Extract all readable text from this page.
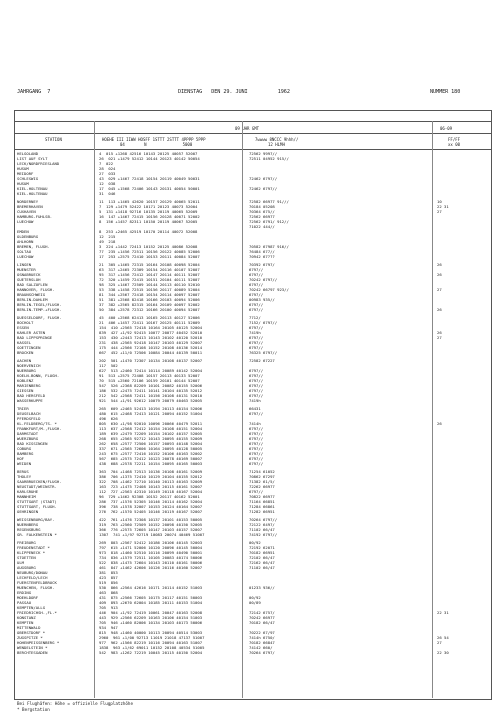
JAHRGANG  7	DIENSTAG   DEN 29. JUNI          1962	NUMMER 180
09 UHR GMT	06-09
STATION	HOEHE III IIWW HOSFF 1STTT 2STTT 4PPPP 5PPP
04        N               5000
7wwww 8NCCC 9hhh//
12 HLMH
FF/FF
xx 00
HELGOLAND	4  015 +1268 42516 10143 20125 40057 52007	72562 9997//
LIST AUF SYLT	26  021 +1479 52412 10144 20123 40142 50054	72511 04952 915//
LECK/NORDFRIESLAND	7  022
HUSUM	28  024
MEIDORF	27  033
SCHLESWIG	43  029 +1467 72418 10154 20119 40049 50031	72462 6797//
HUSUM	12  038
KIEL-HOLTENAU	17  045 +1568 72406 10143 20131 40054 50001	72462 6797//
KIEL-HOLTENAU	31  046
NORDERNEY	11  113 +1465 42620 10157 20129 40065 52011	72582 66977 91///	10
BREMERHAVEN	7  129 +1479 52422 10171 20123 40073 52004	70184 05208	22 31
CUXHAVEN	5  131 +1418 92716 10135 20119 40065 52009	70364 675//	27
HAMBURG-FUHLSB.	16  147 +1467 72415 10156 20128 40071 52002	72562 66977
LUECHOW	8  156 +1457 82311 10150 20119 40067 52005	72562 6791/ 912//
71022 444//
EMDEN	8  253 +2465 42519 10170 20114 40072 52008
OLDENBURG	12  215
AHLHORN	49  218
BREMEN, FLUGH.	3  224 +1442 72413 10152 20125 40086 52008	70582 67987 916//
SOLTAU	77  235 +1456 72511 10156 20122 40085 52006	76484 677//
LUECHOW	17  253 +2575 72410 10153 20111 40084 52007	70942 67???
LINGEN	21  305 +1465 72315 10164 20108 40098 52004	70392 6797/	26
MUENSTER	63  317 +2465 72309 10154 20116 40107 52007	6797//
OSNABRUECK	95  317 +1456 72412 10147 20114 40111 52007	6797//	26
GUETERSLOH	72  320 +1459 72415 10151 20104 40111 52007	70242 6797//
BAD SALZUFLEN	98  325 +1467 72509 10144 20113 40110 52010	6797//
HANNOVER, FLUGH.	53  338 +1458 72515 10156 20117 40089 52004	70242 66797 923//	27
BRAUNSCHWEIG	81  344 +2567 72418 10154 20114 40097 52007	6797//
BERLIN-DAHLEM	51  381 +2568 82418 10166 20103 40094 52006	00983 935//
BERLIN-TEGEL/FLUGH.	37  382 +2565 82315 10164 20109 40097 52002	6797//
BERLIN-TEMP.+FLUGH.	50  384 +2578 72312 10166 20100 40094 52007	6797//	26
DUESSELDORF, FLUGH.	45  400 +2568 62413 10165 20113 40127 52006	7712/
BOCHOLT	21  406 +1457 72411 10167 20125 40111 52009	7152/ 6797//
ESSEN	154  410 +2565 72418 10164 20105 40125 52004	6797//
KAHLER ASTEN	839  427 +1/92 92415 10077 20077 40452 52010	7419h	26
BAD LIPPSPRINGE	153  430 +2443 72413 10143 20102 40120 52010	6797//	27
KASSEL	231  438 +2565 92418 10147 20103 40129 52007	6797//
GOETTINGEN	175  444 +2566 72108 10152 20108 40136 52014	6797//
BROCKEN	667  452 +11/0 72506 10084 20044 40139 50011	76325 6797//
AACHEN	202  501 +1470 72307 10134 20108 40137 52007	72582 67227
NOERVENICH	117  502
NUERBURG	627  513 +2460 72414 10114 20089 40142 52004	6797//
KOELN-BONN, FLUGH.	91  513 +2575 72408 10157 20113 40133 52007	6797//
KOBLENZ	70  515 +2560 72106 10159 20101 40144 52007	6797//
MARIENBERG	547  526 +2368 82209 10101 20082 40155 52006	6797//
GIESSEN	186  532 +2475 72411 10141 20104 40135 52012	6797//
BAD HERSFELD	212  542 +2568 72411 10156 20108 40131 52010	6797//
WASSERKUPPE	921  544 +1/91 92612 10079 20079 40463 52005	7419h
TRIER	265  609 +2465 52413 10194 20113 40154 52006	66431
DEUSELBACH	480  615 +2468 72413 10121 20094 40152 51004	6797//
PFERDSFELD	496  626
KL.FELDBERG/TS. *	805  630 +1/98 92010 10096 20066 40479 52011	7414h	26
FRANKFURT/M.,FLUGH.	113  637 +2568 72412 10154 20108 40151 52004	6797//
DARMSTADT	189  639 +2479 72209 10154 20102 40157 52005	6797//
WUERZBURG	268  655 +2565 92712 10143 20095 40155 52009	6797//
BAD KISSINGEN	262  658 +2577 72506 10157 20093 40148 52004	6797//
COBURG	337  671 +2565 72606 10164 20095 40128 50005	6797//
BAMBERG	243  675 +2577 72416 10152 20106 40163 52002	6797//
HOF	567  685 +2575 72412 10123 20078 40169 50007	6797//
WEIDEN	438  688 +2578 72211 10154 20095 40165 50003	6797//
BERUS	363  704 +1468 72513 10136 20108 40161 52009	71254 61052
THOLEY	386  706 +1375 72410 10129 20104 40155 52012	70862 67297
SAARBRUECKEN/FLUGH.	322  708 +1462 72710 10140 20113 40163 52009	71382 61/5/
NEUSTADT/WEINSTR.	163  723 +1475 72408 10143 20115 40161 52007	72262 66977
KARLSRUHE	112  727 +2563 42310 10149 20118 40167 52004	6797//
MANNHEIM	96  729 +1462 92308 10152 20117 40162 52001	70822 66977
STUTTGART (STADT)	286  737 +1576 52305 10146 20114 40162 52004	71164 66851
STUTTGART, FLUGH.	396  738 +1578 32007 10153 20124 40164 52007	71284 66861
OEHRINGEN	276  762 +1570 52405 10146 20119 40167 52007	71282 66951
WEISSENBURG/BAY.	422  761 +1476 72308 10137 20101 40153 50005	70264 6797//
NUERNBERG	319  763 +2560 72509 10152 20098 40150 52005	72122 6497/
REGENSBURG	366  776 +2575 72605 10147 20103 40157 52007	71102 66/47
GR. FALKENSTEIN *	1307  741 +1/97 92719 10083 20074 40469 51007	74192 6797//
FREIBURG	269  803 +2567 52412 10186 20106 40145 52003	00/92
FREUDENSTADT *	797  615 +1471 52006 10120 20096 40145 50004	72192 62071
KLIPPENECK *	973  818 +1460 52510 10116 20099 40490 50001	70182 66951
STOETTEN	734  836 +1579 72511 10105 20083 40174 50006	72102 66/47
ULM	522  838 +1475 72604 10143 20110 40161 50006	72162 66/47
AUGSBURG	461  847 +1462 42606 10126 20116 40160 52007	71102 66/47
NEUBURG/DONAU	381  853
LECHFELD/LECH	423  857
FUERSTENFELDBRUCK	519  856
MUENCHEN, FLUGH.	530  866 +2564 42616 10171 20114 40152 51003	01233 936//
ERDING	463  868
MOEHLDORF	431  875 +2566 72605 10175 20117 40151 50003	00/92
PASSAU	409  893 +2670 62004 10185 20111 40153 51004	00/89
KEMPTEN/ALLG	705  913
FRIEDRICHSH.,FL.*	446  904 +1/92 72419 10061 20047 40163 52008	72142 6757/	22 31
KONSTANZ	443  929 +2566 62209 10163 20106 40154 51003	70242 66977
KEMPTEN	705  946 +1460 82006 10134 20103 40173 50006	70182 66/47
MITTENWALD	934  947
OBERSTDORF *	815  948 +1460 40000 10113 20094 40514 53003	70222 67/97
ZUGSPITZE *	2960  961 +1/00 92713 11019 21018 47137 51007	7414h 6750/	26 54
HOHENPEISSENBERG *	977  962 +1566 82219 10116 20094 40163 51007	70182 66847	27
WENDELSTEIN *	1838  963 +1/62 69011 10152 20108 40534 51005	74142 660/
BERCHTESGADEN	542  983 +1262 72219 10045 20115 40150 52004	70264 6797/	22 30
Bei Flughäfen: Höhe = offizielle Flugplatzhöhe
* Bergstation
